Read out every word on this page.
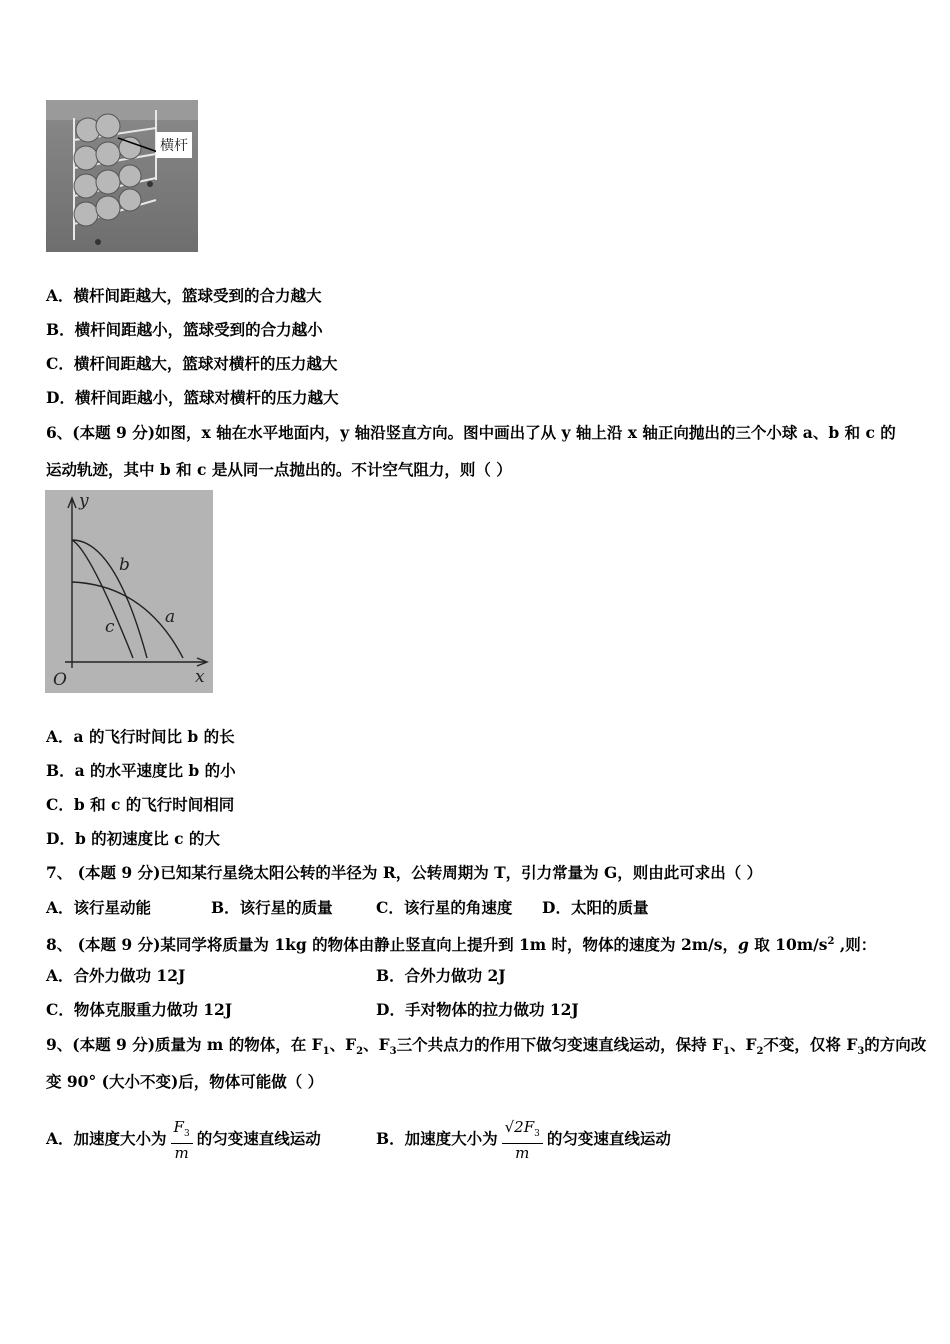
横杆
A．横杆间距越大，篮球受到的合力越大
B．横杆间距越小，篮球受到的合力越小
C．横杆间距越大，篮球对横杆的压力越大
D．横杆间距越小，篮球对横杆的压力越大
6、(本题 9 分)如图，x 轴在水平地面内，y 轴沿竖直方向。图中画出了从 y 轴上沿 x 轴正向抛出的三个小球 a、b 和 c 的
运动轨迹，其中 b 和 c 是从同一点抛出的。不计空气阻力，则（ ）
y
x
O
b
c	a
A．a 的飞行时间比 b 的长
B．a 的水平速度比 b 的小
C．b 和 c 的飞行时间相同
D．b 的初速度比 c 的大
7、 (本题 9 分)已知某行星绕太阳公转的半径为 R，公转周期为 T，引力常量为 G，则由此可求出（ ）
A．该行星动能	B．该行星的质量	C．该行星的角速度 D．太阳的质量
8、 (本题 9 分)某同学将质量为 1kg 的物体由静止竖直向上提升到 1m 时，物体的速度为 2m/s，g 取 $10m/s^2$ ,则：
A．合外力做功 12J	B．合外力做功 2J
C．物体克服重力做功 12J	D．手对物体的拉力做功 12J
9、(本题 9 分)质量为 m 的物体，在 $F_1$、$F_2$、$F_3$三个共点力的作用下做匀变速直线运动，保持 $F_1$、$F_2$不变，仅将 $F_3$的方向改
变 90° (大小不变)后，物体可能做（ ）
A．加速度大小为 $\frac{F_3}{m}$ 的匀变速直线运动	B．加速度大小为 $\frac{√2F_3}{m}$ 的匀变速直线运动
